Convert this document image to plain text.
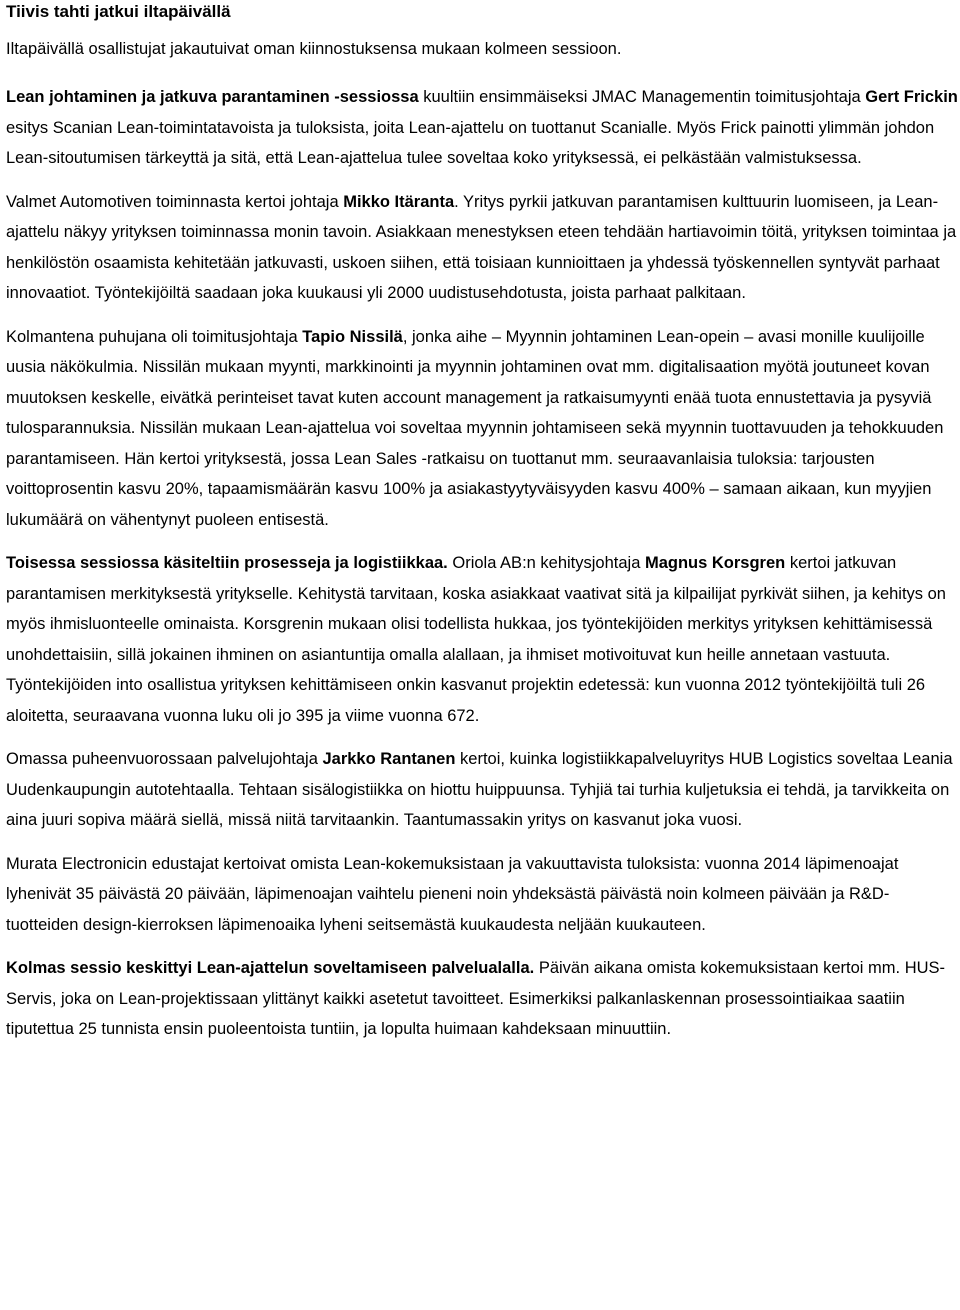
Tiivis tahti jatkui iltapäivällä
Iltapäivällä osallistujat jakautuivat oman kiinnostuksensa mukaan kolmeen sessioon.
Lean johtaminen ja jatkuva parantaminen -sessiossa kuultiin ensimmäiseksi JMAC Managementin toimitusjohtaja Gert Frickin esitys Scanian Lean-toimintatavoista ja tuloksista, joita Lean-ajattelu on tuottanut Scanialle. Myös Frick painotti ylimmän johdon Lean-sitoutumisen tärkeyttä ja sitä, että Lean-ajattelua tulee soveltaa koko yrityksessä, ei pelkästään valmistuksessa.
Valmet Automotiven toiminnasta kertoi johtaja Mikko Itäranta. Yritys pyrkii jatkuvan parantamisen kulttuurin luomiseen, ja Lean-ajattelu näkyy yrityksen toiminnassa monin tavoin. Asiakkaan menestyksen eteen tehdään hartiavoimin töitä, yrityksen toimintaa ja henkilöstön osaamista kehitetään jatkuvasti, uskoen siihen, että toisiaan kunnioittaen ja yhdessä työskennellen syntyvät parhaat innovaatiot. Työntekijöiltä saadaan joka kuukausi yli 2000 uudistusehdotusta, joista parhaat palkitaan.
Kolmantena puhujana oli toimitusjohtaja Tapio Nissilä, jonka aihe – Myynnin johtaminen Lean-opein – avasi monille kuulijoille uusia näkökulmia. Nissilän mukaan myynti, markkinointi ja myynnin johtaminen ovat mm. digitalisaation myötä joutuneet kovan muutoksen keskelle, eivätkä perinteiset tavat kuten account management ja ratkaisumyynti enää tuota ennustettavia ja pysyviä tulosparannuksia. Nissilän mukaan Lean-ajattelua voi soveltaa myynnin johtamiseen sekä myynnin tuottavuuden ja tehokkuuden parantamiseen. Hän kertoi yrityksestä, jossa Lean Sales -ratkaisu on tuottanut mm. seuraavanlaisia tuloksia: tarjousten voittoprosentin kasvu 20%, tapaamismäärän kasvu 100% ja asiakastyytyväisyyden kasvu 400% – samaan aikaan, kun myyjien lukumäärä on vähentynyt puoleen entisestä.
Toisessa sessiossa käsiteltiin prosesseja ja logistiikkaa. Oriola AB:n kehitysjohtaja Magnus Korsgren kertoi jatkuvan parantamisen merkityksestä yritykselle. Kehitystä tarvitaan, koska asiakkaat vaativat sitä ja kilpailijat pyrkivät siihen, ja kehitys on myös ihmisluonteelle ominaista. Korsgrenin mukaan olisi todellista hukkaa, jos työntekijöiden merkitys yrityksen kehittämisessä unohdettaisiin, sillä jokainen ihminen on asiantuntija omalla alallaan, ja ihmiset motivoituvat kun heille annetaan vastuuta. Työntekijöiden into osallistua yrityksen kehittämiseen onkin kasvanut projektin edetessä: kun vuonna 2012 työntekijöiltä tuli 26 aloitetta, seuraavana vuonna luku oli jo 395 ja viime vuonna 672.
Omassa puheenvuorossaan palvelujohtaja Jarkko Rantanen kertoi, kuinka logistiikkapalveluyritys HUB Logistics soveltaa Leania Uudenkaupungin autotehtaalla. Tehtaan sisälogistiikka on hiottu huippuunsa. Tyhjiä tai turhia kuljetuksia ei tehdä, ja tarvikkeita on aina juuri sopiva määrä siellä, missä niitä tarvitaankin. Taantumassakin yritys on kasvanut joka vuosi.
Murata Electronicin edustajat kertoivat omista Lean-kokemuksistaan ja vakuuttavista tuloksista: vuonna 2014 läpimenoajat lyhenivät 35 päivästä 20 päivään, läpimenoajan vaihtelu pieneni noin yhdeksästä päivästä noin kolmeen päivään ja R&D-tuotteiden design-kierroksen läpimenoaika lyheni seitsemästä kuukaudesta neljään kuukauteen.
Kolmas sessio keskittyi Lean-ajattelun soveltamiseen palvelualalla. Päivän aikana omista kokemuksistaan kertoi mm. HUS-Servis, joka on Lean-projektissaan ylittänyt kaikki asetetut tavoitteet. Esimerkiksi palkanlaskennan prosessointiaikaa saatiin tiputettua 25 tunnista ensin puoleentoista tuntiin, ja lopulta huimaan kahdeksaan minuuttiin.
